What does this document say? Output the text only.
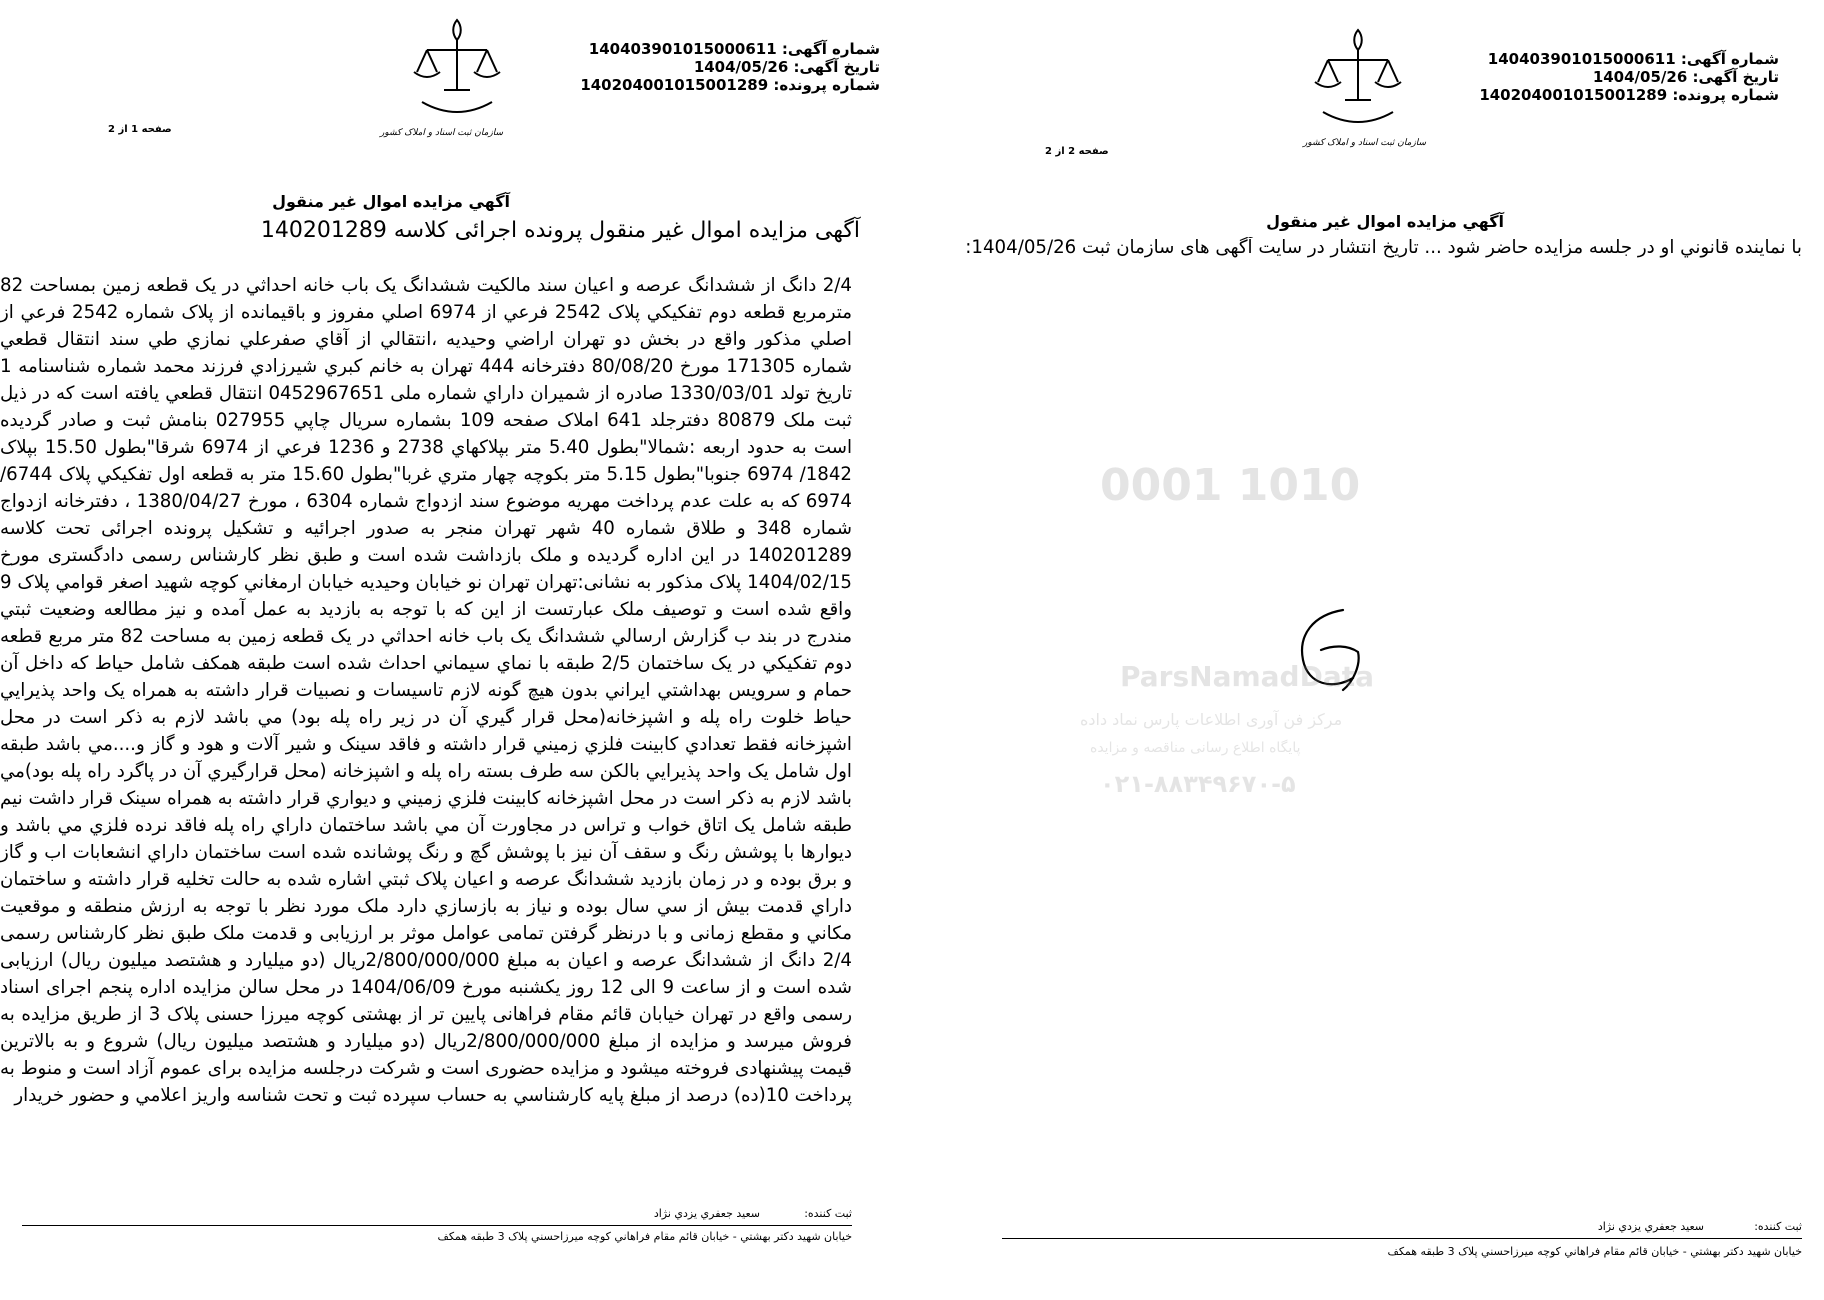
شماره آگهی: 140403901015000611
تاریخ آگهی: 1404/05/26
شماره پرونده: 140204001015001289
سازمان ثبت اسناد و املاک کشور
صفحه 2 از 2
آگهي مزايده اموال غير منقول

با نماينده قانوني او در جلسه مزايده حاضر شود ... تاريخ انتشار در سايت آگهی های سازمان ثبت 1404/05/26:

ثبت کننده:
سعيد جعفري يزدي نژاد
خيابان شهيد دكتر بهشتي - خيابان قائم مقام فراهاني كوچه ميرزاحسني پلاک 3 طبقه همكف
شماره آگهی: 140403901015000611
تاریخ آگهی: 1404/05/26
شماره پرونده: 140204001015001289
سازمان ثبت اسناد و املاک کشور
صفحه 1 از 2
آگهي مزايده اموال غير منقول
آگهی مزایده اموال غیر منقول پرونده اجرائی کلاسه 140201289

2/4 دانگ از ششدانگ عرصه و اعيان سند مالكيت ششدانگ يک باب خانه احداثي در يک قطعه زمين بمساحت 82 مترمربع قطعه دوم تفكيكي پلاک 2542 فرعي از 6974 اصلي مفروز و باقيمانده از پلاک شماره 2542 فرعي از اصلي مذكور واقع در بخش دو تهران اراضي وحيديه ،انتقالي از آقاي صفرعلي نمازي طي سند انتقال قطعي شماره 171305 مورخ 80/08/20 دفترخانه 444 تهران به خانم كبري شيرزادي فرزند محمد شماره شناسنامه 1 تاريخ تولد 1330/03/01 صادره از شميران داراي شماره ملی 0452967651 انتقال قطعي يافته است كه در ذيل ثبت ملک 80879 دفترجلد 641 املاک صفحه 109 بشماره سريال چاپي 027955 بنامش ثبت و صادر گرديده است به حدود اربعه :شمالا"بطول 5.40 متر بپلاكهاي 2738 و 1236 فرعي از 6974 شرقا"بطول 15.50 بپلاک 1842/ 6974 جنوبا"بطول 5.15 متر بكوچه چهار متري غربا"بطول 15.60 متر به قطعه اول تفكيكي پلاک 6744/ 6974 كه به علت عدم پرداخت مهريه موضوع سند ازدواج شماره 6304 ، مورخ 1380/04/27 ، دفترخانه ازدواج شماره 348 و طلاق شماره 40 شهر تهران منجر به صدور اجرائيه و تشكيل پرونده اجرائی تحت كلاسه 140201289 در اين اداره گرديده و ملک بازداشت شده است و طبق نظر كارشناس رسمی دادگستری مورخ 1404/02/15 پلاک مذكور به نشانی:تهران تهران نو خيابان وحيديه خيابان ارمغاني كوچه شهيد اصغر قوامي پلاک 9 واقع شده است و توصيف ملک عبارتست از اين كه با توجه به بازديد به عمل آمده و نيز مطالعه وضعيت ثبتي مندرج در بند ب گزارش ارسالي ششدانگ يک باب خانه احداثي در يک قطعه زمين به مساحت 82 متر مربع قطعه دوم تفكيكي در يک ساختمان 2/5 طبقه با نماي سيماني احداث شده است طبقه همكف شامل حياط كه داخل آن حمام و سرويس بهداشتي ايراني بدون هيچ گونه لازم تاسيسات و نصبيات قرار داشته به همراه يک واحد پذيرايي حياط خلوت راه پله و اشپزخانه(محل قرار گيري آن در زير راه پله بود) مي باشد لازم به ذكر است در محل اشپزخانه فقط تعدادي كابينت فلزي زميني قرار داشته و فاقد سينک و شير آلات و هود و گاز و....مي باشد طبقه اول شامل يک واحد پذيرايي بالكن سه طرف بسته راه پله و اشپزخانه (محل قرارگيري آن در پاگرد راه پله بود)مي باشد لازم به ذكر است در محل اشپزخانه كابينت فلزي زميني و ديواري قرار داشته به همراه سينک قرار داشت نيم طبقه شامل يک اتاق خواب و تراس در مجاورت آن مي باشد ساختمان داراي راه پله فاقد نرده فلزي مي باشد و ديوارها با پوشش رنگ و سقف آن نيز با پوشش گچ و رنگ پوشانده شده است ساختمان داراي انشعابات اب و گاز و برق بوده و در زمان بازديد ششدانگ عرصه و اعيان پلاک ثبتي اشاره شده به حالت تخليه قرار داشته و ساختمان داراي قدمت بيش از سي سال بوده و نياز به بازسازي دارد ملک مورد نظر با توجه به ارزش منطقه و موقعيت مكاني و مقطع زمانی و با درنظر گرفتن تمامی عوامل موثر بر ارزيابی و قدمت ملک طبق نظر كارشناس رسمی 2/4 دانگ از ششدانگ عرصه و اعيان به مبلغ 2/800/000/000ريال (دو ميليارد و هشتصد ميليون ريال) ارزيابی شده است و از ساعت 9 الی 12 روز يكشنبه مورخ 1404/06/09 در محل سالن مزايده اداره پنجم اجرای اسناد رسمی واقع در تهران خيابان قائم مقام فراهانی پايين تر از بهشتی كوچه ميرزا حسنی پلاک 3 از طريق مزايده به فروش ميرسد و مزايده از مبلغ 2/800/000/000ريال (دو ميليارد و هشتصد ميليون ريال) شروع و به بالاترين قيمت پيشنهادی فروخته ميشود و مزايده حضوری است و شركت درجلسه مزايده برای عموم آزاد است و منوط به پرداخت 10(ده) درصد از مبلغ پايه كارشناسي به حساب سپرده ثبت و تحت شناسه واريز اعلامي و حضور خريدار

ثبت کننده:
سعيد جعفري يزدي نژاد
خيابان شهيد دكتر بهشتي - خيابان قائم مقام فراهاني كوچه ميرزاحسني پلاک 3 طبقه همكف
0001 1010
ParsNamadData
مرکز فن آوری اطلاعات پارس نماد داده
پایگاه اطلاع رسانی مناقصه و مزایده
۰۲۱-۸۸۳۴۹۶۷۰-۵
